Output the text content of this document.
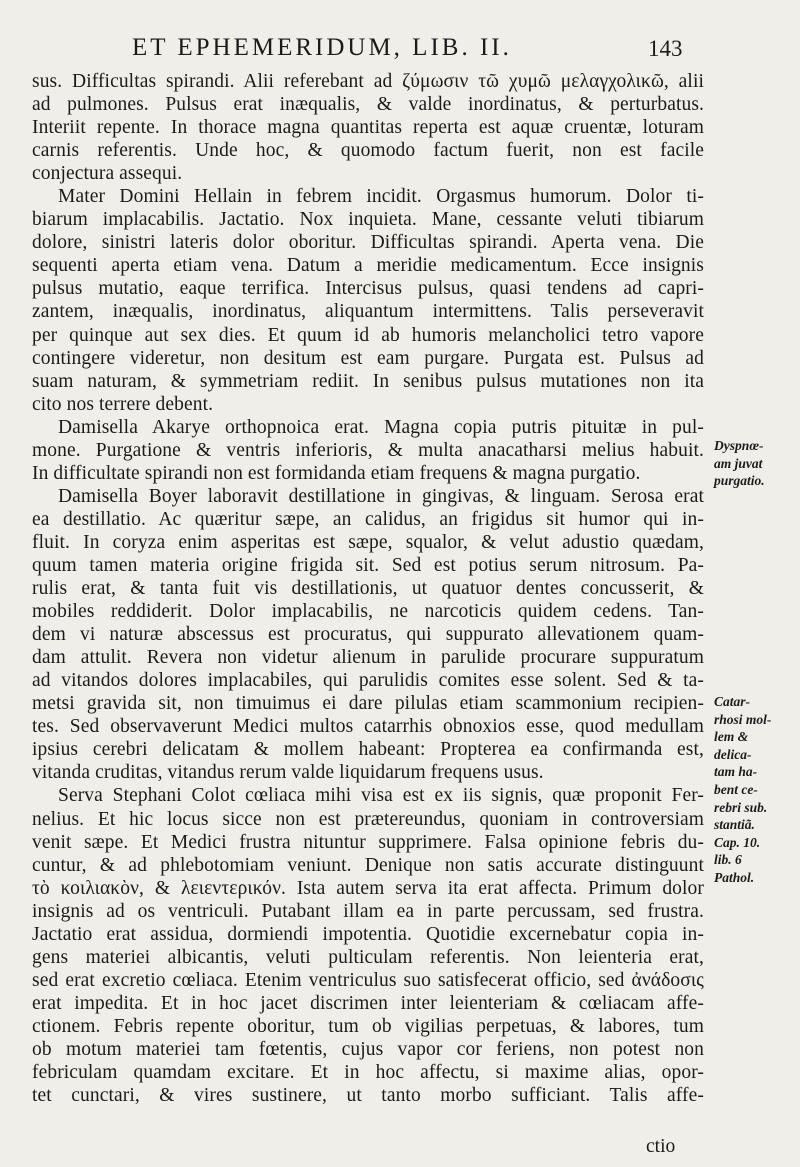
ET EPHEMERIDUM, LIB. II.	143
sus. Difficultas spirandi. Alii referebant ad ζύμωσιν τῶ χυμῶ μελαγχολικῶ, alii
ad pulmones. Pulsus erat inæqualis, & valde inordinatus, & perturbatus.
Interiit repente. In thorace magna quantitas reperta est aquæ cruentæ, loturam
carnis referentis. Unde hoc, & quomodo factum fuerit, non est facile
conjectura assequi.
Mater Domini Hellain in febrem incidit. Orgasmus humorum. Dolor ti-
biarum implacabilis. Jactatio. Nox inquieta. Mane, cessante veluti tibiarum
dolore, sinistri lateris dolor oboritur. Difficultas spirandi. Aperta vena. Die
sequenti aperta etiam vena. Datum a meridie medicamentum. Ecce insignis
pulsus mutatio, eaque terrifica. Intercisus pulsus, quasi tendens ad capri-
zantem, inæqualis, inordinatus, aliquantum intermittens. Talis perseveravit
per quinque aut sex dies. Et quum id ab humoris melancholici tetro vapore
contingere videretur, non desitum est eam purgare. Purgata est. Pulsus ad
suam naturam, & symmetriam rediit. In senibus pulsus mutationes non ita
cito nos terrere debent.
Damisella Akarye orthopnoica erat. Magna copia putris pituitæ in pul-
mone. Purgatione & ventris inferioris, & multa anacatharsi melius habuit.
In difficultate spirandi non est formidanda etiam frequens & magna purgatio.
Damisella Boyer laboravit destillatione in gingivas, & linguam. Serosa erat
ea destillatio. Ac quæritur sæpe, an calidus, an frigidus sit humor qui in-
fluit. In coryza enim asperitas est sæpe, squalor, & velut adustio quædam,
quum tamen materia origine frigida sit. Sed est potius serum nitrosum. Pa-
rulis erat, & tanta fuit vis destillationis, ut quatuor dentes concusserit, &
mobiles reddiderit. Dolor implacabilis, ne narcoticis quidem cedens. Tan-
dem vi naturæ abscessus est procuratus, qui suppurato allevationem quam-
dam attulit. Revera non videtur alienum in parulide procurare suppuratum
ad vitandos dolores implacabiles, qui parulidis comites esse solent. Sed & ta-
metsi gravida sit, non timuimus ei dare pilulas etiam scammonium recipien-
tes. Sed observaverunt Medici multos catarrhis obnoxios esse, quod medullam
ipsius cerebri delicatam & mollem habeant: Propterea ea confirmanda est,
vitanda cruditas, vitandus rerum valde liquidarum frequens usus.
Serva Stephani Colot cœliaca mihi visa est ex iis signis, quæ proponit Fer-
nelius. Et hic locus sicce non est prætereundus, quoniam in controversiam
venit sæpe. Et Medici frustra nituntur supprimere. Falsa opinione febris du-
cuntur, & ad phlebotomiam veniunt. Denique non satis accurate distinguunt
τὸ κοιλιακὸν, & λειεντερικόν. Ista autem serva ita erat affecta. Primum dolor
insignis ad os ventriculi. Putabant illam ea in parte percussam, sed frustra.
Jactatio erat assidua, dormiendi impotentia. Quotidie excernebatur copia in-
gens materiei albicantis, veluti pulticulam referentis. Non leienteria erat,
sed erat excretio cœliaca. Etenim ventriculus suo satisfecerat officio, sed ἀνάδοσις
erat impedita. Et in hoc jacet discrimen inter leienteriam & cœliacam affe-
ctionem. Febris repente oboritur, tum ob vigilias perpetuas, & labores, tum
ob motum materiei tam fœtentis, cujus vapor cor feriens, non potest non
febriculam quamdam excitare. Et in hoc affectu, si maxime alias, opor-
tet cunctari, & vires sustinere, ut tanto morbo sufficiant. Talis affe-
ctio
Dyspnœ-
am juvat
purgatio.
Catar-
rhosi mol-
lem &
delica-
tam ha-
bent ce-
rebri sub.
stantiã.
Cap. 10.
lib. 6
Pathol.
